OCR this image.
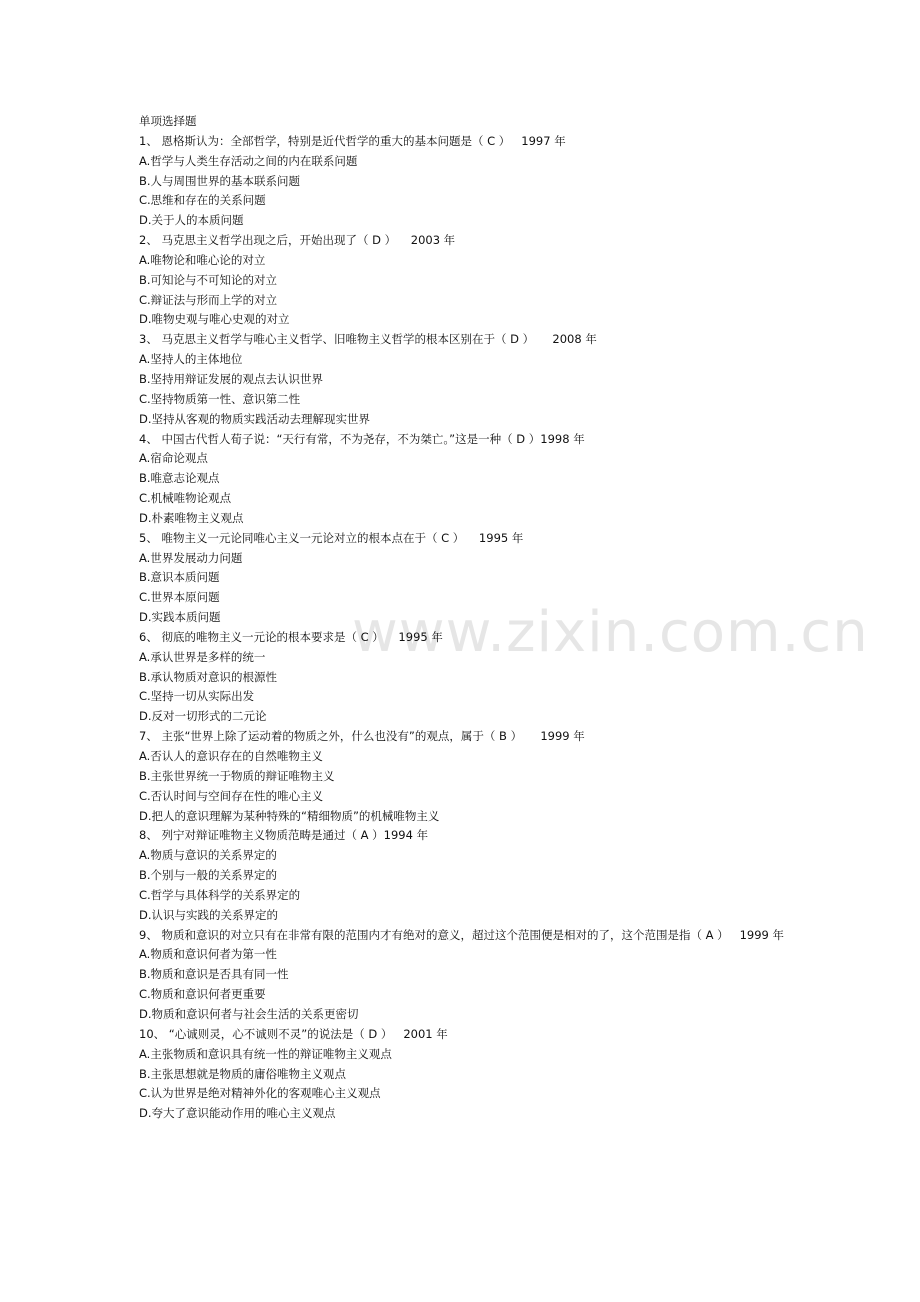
www.zixin.com.cn
单项选择题
1、 恩格斯认为：全部哲学，特别是近代哲学的重大的基本问题是（ C ）   1997 年
A.哲学与人类生存活动之间的内在联系问题
B.人与周围世界的基本联系问题
C.思维和存在的关系问题
D.关于人的本质问题
2、 马克思主义哲学出现之后，开始出现了（ D ）    2003 年
A.唯物论和唯心论的对立
B.可知论与不可知论的对立
C.辩证法与形而上学的对立
D.唯物史观与唯心史观的对立
3、 马克思主义哲学与唯心主义哲学、旧唯物主义哲学的根本区别在于（ D ）     2008 年
A.坚持人的主体地位
B.坚持用辩证发展的观点去认识世界
C.坚持物质第一性、意识第二性
D.坚持从客观的物质实践活动去理解现实世界
4、 中国古代哲人荀子说：“天行有常，不为尧存，不为桀亡。”这是一种（ D ）1998 年
A.宿命论观点
B.唯意志论观点
C.机械唯物论观点
D.朴素唯物主义观点
5、 唯物主义一元论同唯心主义一元论对立的根本点在于（ C ）    1995 年
A.世界发展动力问题
B.意识本质问题
C.世界本原问题
D.实践本质问题
6、 彻底的唯物主义一元论的根本要求是（ C ）    1995 年
A.承认世界是多样的统一
B.承认物质对意识的根源性
C.坚持一切从实际出发
D.反对一切形式的二元论
7、 主张“世界上除了运动着的物质之外，什么也没有”的观点，属于（ B ）     1999 年
A.否认人的意识存在的自然唯物主义
B.主张世界统一于物质的辩证唯物主义
C.否认时间与空间存在性的唯心主义
D.把人的意识理解为某种特殊的“精细物质”的机械唯物主义
8、 列宁对辩证唯物主义物质范畴是通过（ A ）1994 年
A.物质与意识的关系界定的
B.个别与一般的关系界定的
C.哲学与具体科学的关系界定的
D.认识与实践的关系界定的
9、 物质和意识的对立只有在非常有限的范围内才有绝对的意义，超过这个范围便是相对的了，这个范围是指（ A ）   1999 年
A.物质和意识何者为第一性
B.物质和意识是否具有同一性
C.物质和意识何者更重要
D.物质和意识何者与社会生活的关系更密切
10、 “心诚则灵，心不诚则不灵”的说法是（ D ）   2001 年
A.主张物质和意识具有统一性的辩证唯物主义观点
B.主张思想就是物质的庸俗唯物主义观点
C.认为世界是绝对精神外化的客观唯心主义观点
D.夸大了意识能动作用的唯心主义观点
